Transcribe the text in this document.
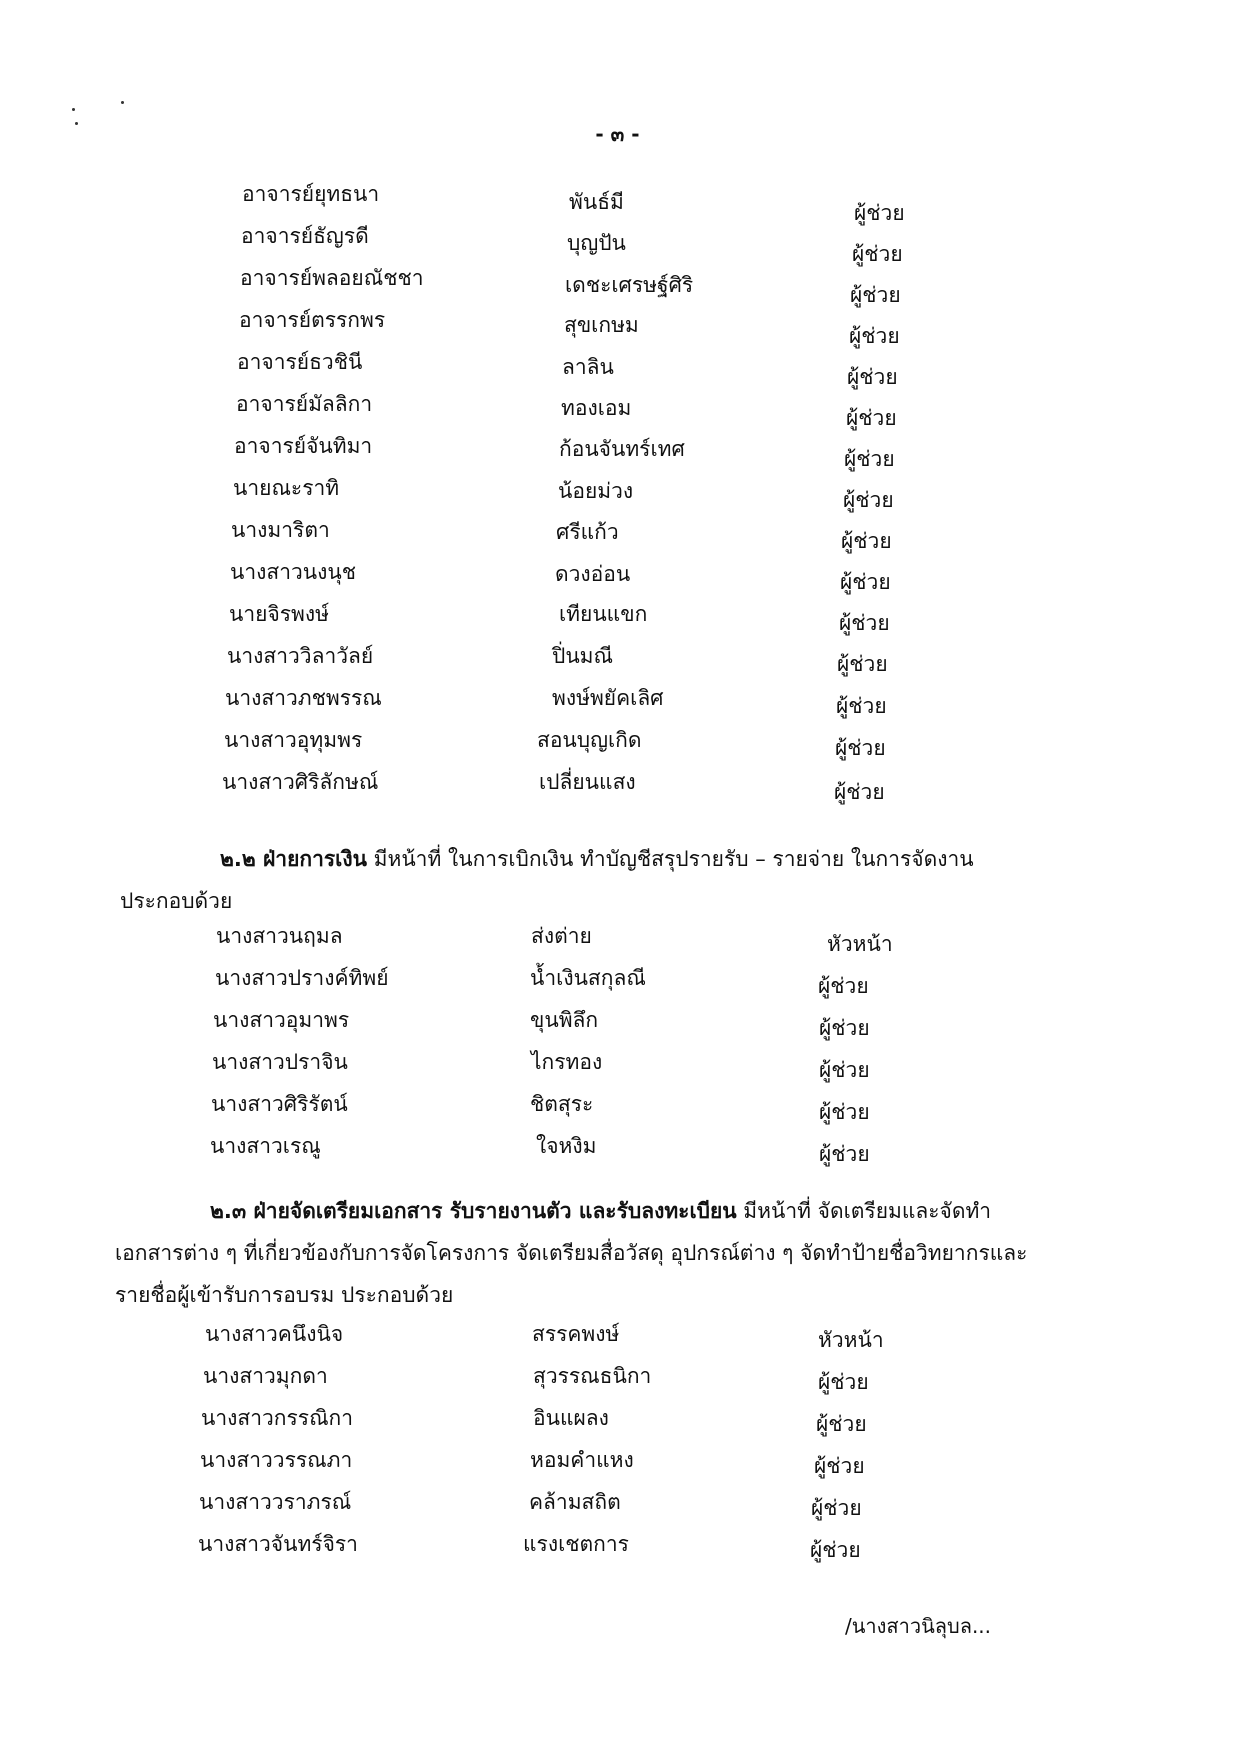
- ๓ -
อาจารย์ยุทธนา	พันธ์มี	ผู้ช่วย
อาจารย์ธัญรดี	บุญปัน	ผู้ช่วย
อาจารย์พลอยณัชชา	เดชะเศรษฐ์ศิริ	ผู้ช่วย
อาจารย์ตรรกพร	สุขเกษม	ผู้ช่วย
อาจารย์ธวชินี	ลาลิน	ผู้ช่วย
อาจารย์มัลลิกา	ทองเอม	ผู้ช่วย
อาจารย์จันทิมา	ก้อนจันทร์เทศ	ผู้ช่วย
นายณะราทิ	น้อยม่วง	ผู้ช่วย
นางมาริตา	ศรีแก้ว	ผู้ช่วย
นางสาวนงนุช	ดวงอ่อน	ผู้ช่วย
นายจิรพงษ์	เทียนแขก	ผู้ช่วย
นางสาววิลาวัลย์	ปิ่นมณี	ผู้ช่วย
นางสาวภชพรรณ	พงษ์พยัคเลิศ	ผู้ช่วย
นางสาวอุทุมพร	สอนบุญเกิด	ผู้ช่วย
นางสาวศิริลักษณ์	เปลี่ยนแสง	ผู้ช่วย
๒.๒ ฝ่ายการเงิน มีหน้าที่ ในการเบิกเงิน ทำบัญชีสรุปรายรับ – รายจ่าย ในการจัดงาน
ประกอบด้วย
นางสาวนฤมล	ส่งต่าย	หัวหน้า
นางสาวปรางค์ทิพย์	น้ำเงินสกุลณี	ผู้ช่วย
นางสาวอุมาพร	ขุนพิลึก	ผู้ช่วย
นางสาวปราจิน	ไกรทอง	ผู้ช่วย
นางสาวศิริรัตน์	ชิตสุระ	ผู้ช่วย
นางสาวเรณู	ใจหงิม	ผู้ช่วย
๒.๓ ฝ่ายจัดเตรียมเอกสาร รับรายงานตัว และรับลงทะเบียน มีหน้าที่ จัดเตรียมและจัดทำ
เอกสารต่าง ๆ ที่เกี่ยวข้องกับการจัดโครงการ จัดเตรียมสื่อวัสดุ อุปกรณ์ต่าง ๆ จัดทำป้ายชื่อวิทยากรและ
รายชื่อผู้เข้ารับการอบรม ประกอบด้วย
นางสาวคนึงนิจ	สรรคพงษ์	หัวหน้า
นางสาวมุกดา	สุวรรณธนิกา	ผู้ช่วย
นางสาวกรรณิกา	อินแผลง	ผู้ช่วย
นางสาววรรณภา	หอมคำแหง	ผู้ช่วย
นางสาววราภรณ์	คล้ามสถิต	ผู้ช่วย
นางสาวจันทร์จิรา	แรงเชตการ	ผู้ช่วย
/นางสาวนิลุบล...
